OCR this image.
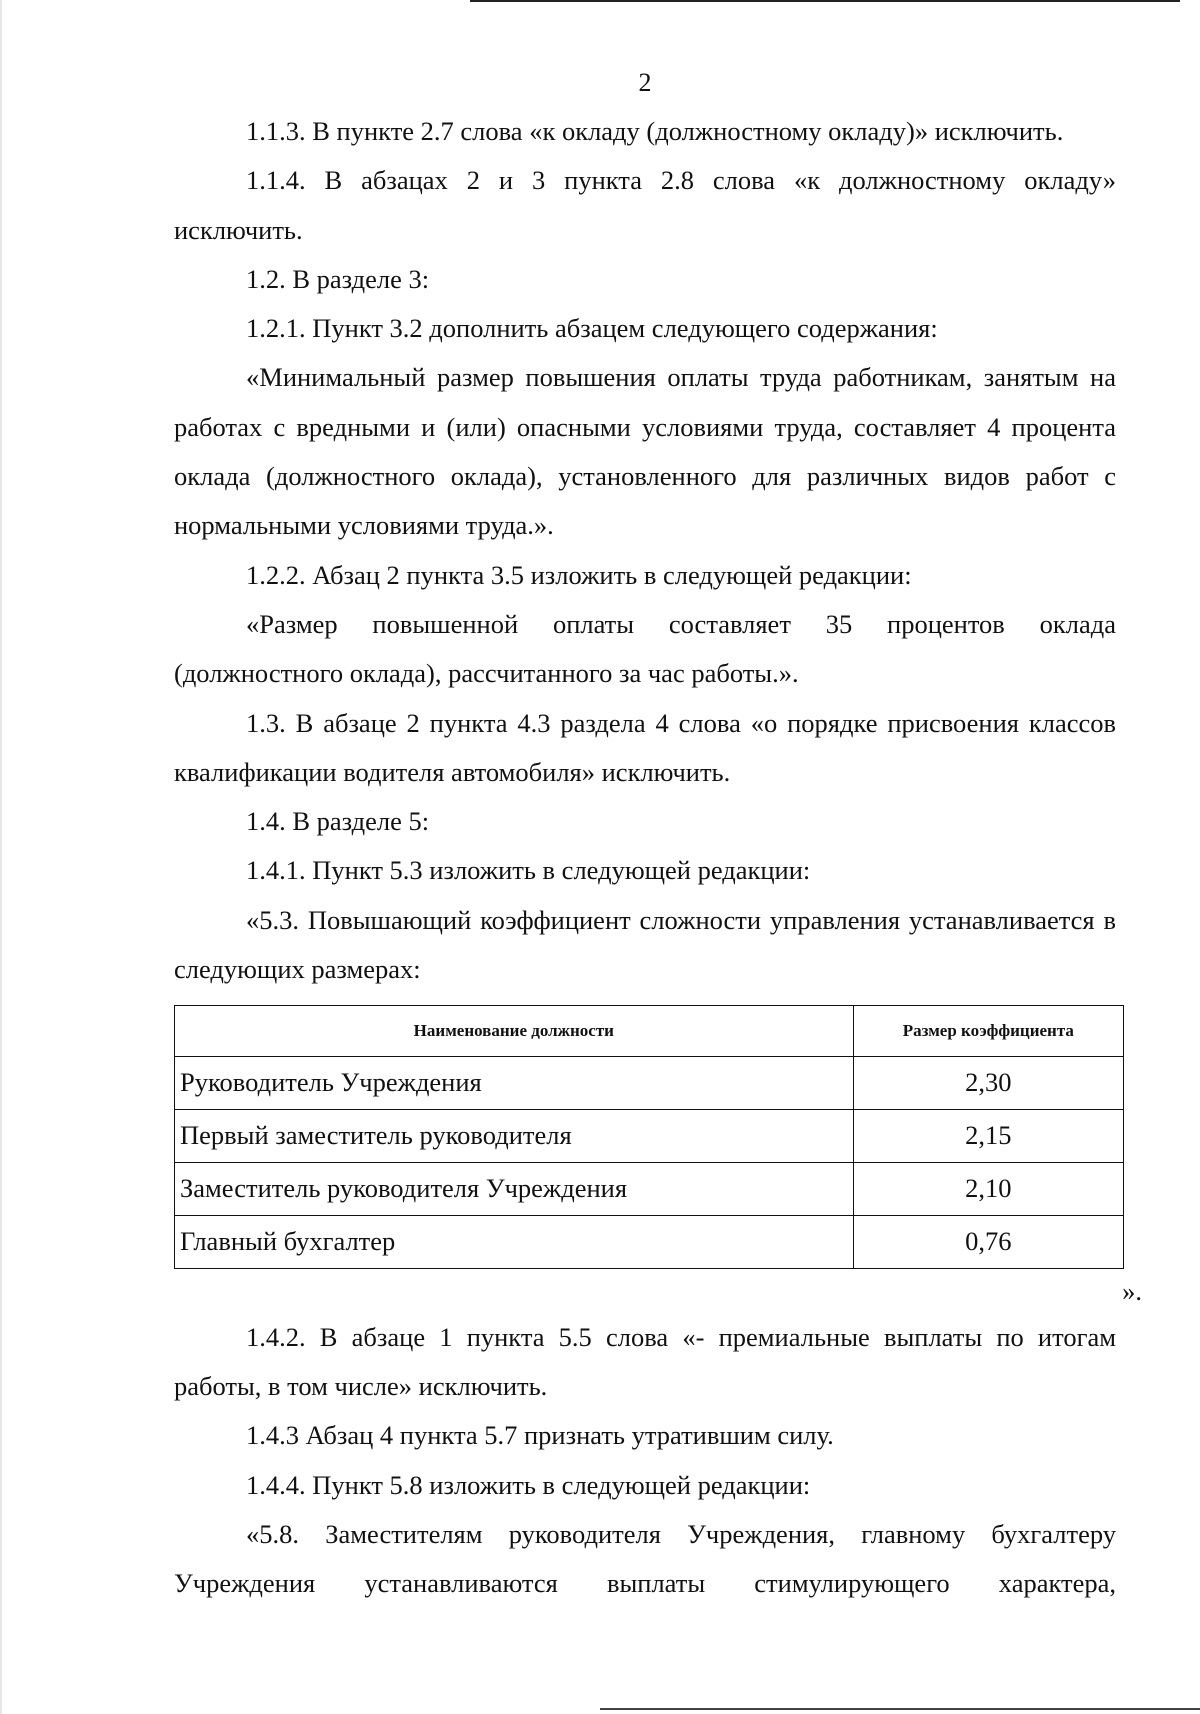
2

1.1.3. В пункте 2.7 слова «к окладу (должностному окладу)» исключить.

1.1.4. В абзацах 2 и 3 пункта 2.8 слова «к должностному окладу» исключить.

1.2. В разделе 3:

1.2.1. Пункт 3.2 дополнить абзацем следующего содержания:

«Минимальный размер повышения оплаты труда работникам, занятым на работах с вредными и (или) опасными условиями труда, составляет 4 процента оклада (должностного оклада), установленного для различных видов работ с нормальными условиями труда.».

1.2.2. Абзац 2 пункта 3.5 изложить в следующей редакции:

«Размер повышенной оплаты составляет 35 процентов оклада (должностного оклада), рассчитанного за час работы.».

1.3. В абзаце 2 пункта 4.3 раздела 4 слова «о порядке присвоения классов квалификации водителя автомобиля» исключить.

1.4. В разделе 5:

1.4.1. Пункт 5.3 изложить в следующей редакции:

«5.3. Повышающий коэффициент сложности управления устанавливается в следующих размерах:

Наименование должности	Размер коэффициента
Руководитель Учреждения	2,30
Первый заместитель руководителя	2,15
Заместитель руководителя Учреждения	2,10
Главный бухгалтер	0,76
».

1.4.2. В абзаце 1 пункта 5.5 слова «- премиальные выплаты по итогам работы, в том числе» исключить.

1.4.3 Абзац 4 пункта 5.7 признать утратившим силу.

1.4.4. Пункт 5.8 изложить в следующей редакции:

«5.8. Заместителям руководителя Учреждения, главному бухгалтеру Учреждения устанавливаются выплаты стимулирующего характера,
